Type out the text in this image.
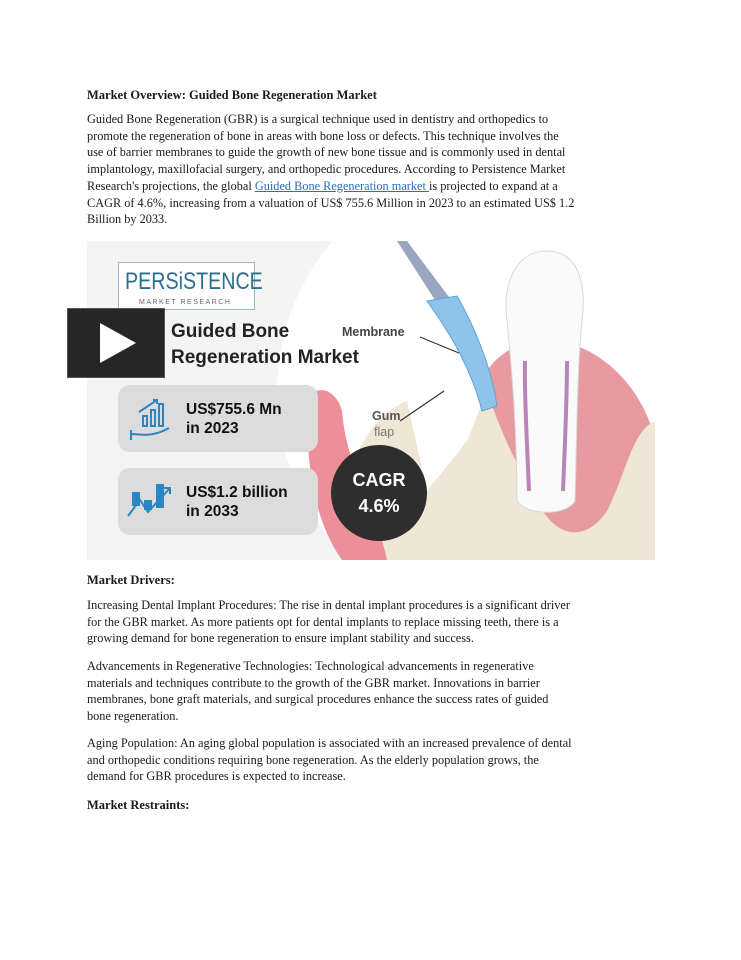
Market Overview: Guided Bone Regeneration Market
Guided Bone Regeneration (GBR) is a surgical technique used in dentistry and orthopedics to
promote the regeneration of bone in areas with bone loss or defects. This technique involves the
use of barrier membranes to guide the growth of new bone tissue and is commonly used in dental
implantology, maxillofacial surgery, and orthopedic procedures. According to Persistence Market
Research's projections, the global Guided Bone Regeneration market is projected to expand at a
CAGR of 4.6%, increasing from a valuation of US$ 755.6 Million in 2023 to an estimated US$ 1.2
Billion by 2033.
PERSiSTENCE
MARKET RESEARCH
Guided Bone
Regeneration Market
US$755.6 Mn
in 2023
US$1.2 billion
in 2033
Membrane
Gum
flap
CAGR
4.6%
Market Drivers:
Increasing Dental Implant Procedures: The rise in dental implant procedures is a significant driver
for the GBR market. As more patients opt for dental implants to replace missing teeth, there is a
growing demand for bone regeneration to ensure implant stability and success.
Advancements in Regenerative Technologies: Technological advancements in regenerative
materials and techniques contribute to the growth of the GBR market. Innovations in barrier
membranes, bone graft materials, and surgical procedures enhance the success rates of guided
bone regeneration.
Aging Population: An aging global population is associated with an increased prevalence of dental
and orthopedic conditions requiring bone regeneration. As the elderly population grows, the
demand for GBR procedures is expected to increase.
Market Restraints:
